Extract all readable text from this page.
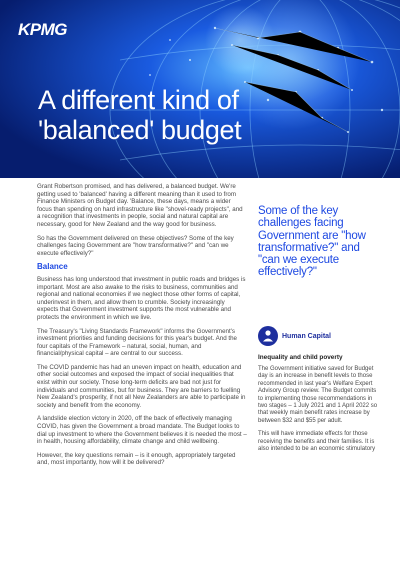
KPMG
A different kind of
'balanced' budget

Grant Robertson promised, and has delivered, a balanced budget. We're getting used to 'balanced' having a different meaning than it used to from Finance Ministers on Budget day. 'Balance, these days, means a wider focus than spending on hard infrastructure like "shovel-ready projects", and a recognition that investments in people, social and natural capital are necessary, good for New Zealand and the way good for business.

So has the Government delivered on these objectives? Some of the key challenges facing Government are "how transformative?" and "can we execute effectively?"

Balance

Business has long understood that investment in public roads and bridges is important. Most are also awake to the risks to business, communities and regional and national economies if we neglect those other forms of capital, underinvest in them, and allow them to crumble. Society increasingly expects that Government investment supports the most vulnerable and protects the environment in which we live.

The Treasury's "Living Standards Framework" informs the Government's investment priorities and funding decisions for this year's budget. And the four capitals of the Framework – natural, social, human, and financial/physical capital – are central to our success.

The COVID pandemic has had an uneven impact on health, education and other social outcomes and exposed the impact of social inequalities that exist within our society. Those long-term deficits are bad not just for individuals and communities, but for business. They are barriers to fuelling New Zealand's prosperity, if not all New Zealanders are able to participate in society and benefit from the economy.

A landslide election victory in 2020, off the back of effectively managing COVID, has given the Government a broad mandate. The Budget looks to dial up investment to where the Government believes it is needed the most – in health, housing affordability, climate change and child wellbeing.

However, the key questions remain – is it enough, appropriately targeted and, most importantly, how will it be delivered?

Some of the key challenges facing Government are "how transformative?" and "can we execute effectively?"
Human Capital
Inequality and child poverty

The Government initiative saved for Budget day is an increase in benefit levels to those recommended in last year's Welfare Expert Advisory Group review. The Budget commits to implementing those recommendations in two stages – 1 July 2021 and 1 April 2022 so that weekly main benefit rates increase by between $32 and $55 per adult.

This will have immediate effects for those receiving the benefits and their families. It is also intended to be an economic stimulatory
